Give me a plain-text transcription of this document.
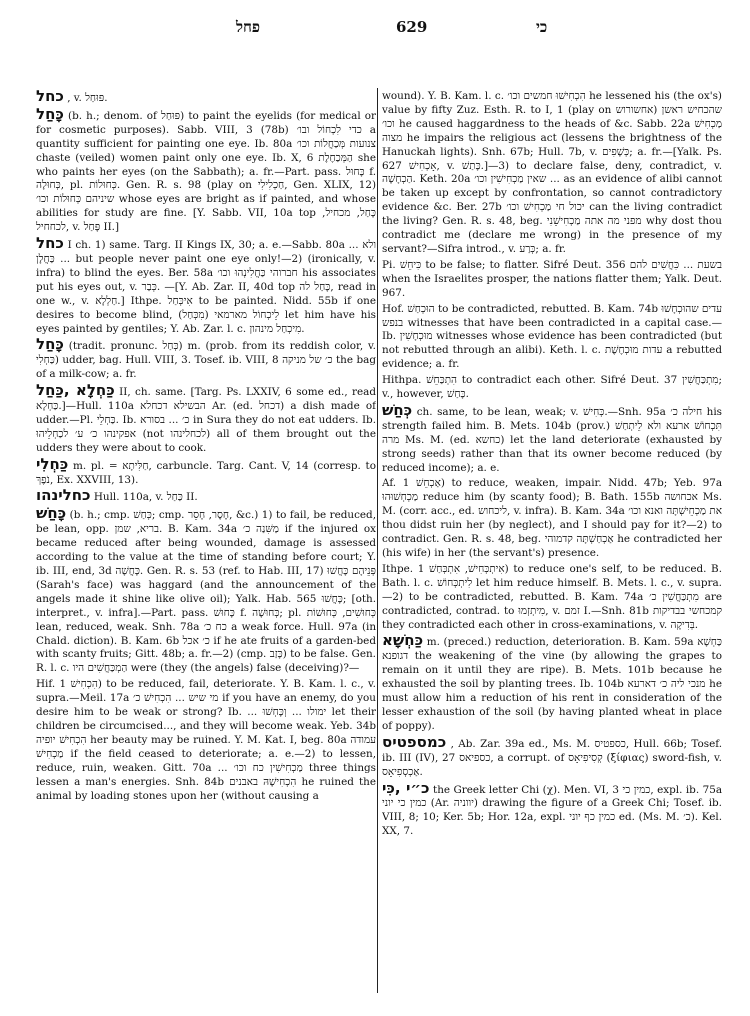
פחל	629	כי

כחל , v. פּוּחַל.

כָּחַל (b. h.; denom. of פּוּחַל) to paint the eyelids (for medical or for cosmetic purposes). Sabb. VIII, 3 (78b) כדי לִכְחוֹל ובו׳ a quantity sufficient for painting one eye. Ib. 80a צנועות מְּכַחֲלוֹת וכו׳ chaste (veiled) women paint only one eye. Ib. X, 6 הַמְּכַחֶלֶת she who paints her eyes (on the Sabbath); a. fr.—Part. pass. כָּחוּל f. כְּחוּלָה, pl. כְּחוּלוֹת. Gen. R. s. 98 (play on חַכְלִילִי, Gen. XLIX, 12) שיניהם כְּחוּלוֹת וכו׳ whose eyes are bright as if painted, and whose abilities for study are fine. [Y. Sabb. VII, 10a top כָּחַל, מכחיל, לכחחיל, v. פָּחַל II.]

כחל I ch. 1) same. Targ. II Kings IX, 30; a. e.—Sabb. 80a ... ולא כַּחֲלָן ... but people never paint one eye only!—2) (ironically, v. infra) to blind the eyes. Ber. 58a חברוהי כַּחֲלִינְהוּ וכו׳ his associates put his eyes out, v. כְּבַר. —[Y. Ab. Zar. II, 40d top כָּחַל לה, read in one w., v. חַלְלָא.] Ithpe. אִיכְּחַל to be painted. Nidd. 55b if one desires to become blind, (מִכְּחַל) לֵיכְחוֹל מארמאי let him have his eyes painted by gentiles; Y. Ab. Zar. l. c. מִיכְחַל מינהון.

כָּחַל (tradit. pronunc. כְּחַל) m. (prob. from its reddish color, v. כַּחְלִי) udder, bag. Hull. VIII, 3. Tosef. ib. VIII, 8 כ׳ של מניקה the bag of a milk-cow; a. fr.

כַּחְלָא ,כַּחַל II, ch. same. [Targ. Ps. LXXIV, 6 some ed., read כַּחְלָא.]—Hull. 110a הבשילא דכחלא Ar. (ed. דכחל) a dish made of udder.—Pl. כַּחְלֵי. Ib. כ׳ ... בסורא in Sura they do not eat udders. Ib. אפקינהו כ׳ ע׳ לכַחְלֵיהוּ (not לכחלינהו) all of them brought out the udders they were about to cook.

כַּחְלִי m. pl. = חַלִּיתָא, carbuncle. Targ. Cant. V, 14 (corresp. to נֹפֶךְ, Ex. XXVIII, 13).

כחלינהו Hull. 110a, v. כַּחַל II.

כָּחַשׁ (b. h.; cmp. כְּחַשׁ; cmp. חֶסֶר, חָסֵר, &c.) 1) to fail, be reduced, be lean, opp. בריא, שמן. B. Kam. 34a מַשִּׁנַה כ׳ if the injured ox became reduced after being wounded, damage is assessed according to the value at the time of standing before court; Y. ib. III, end, 3d כָּחֲשָׁה. Gen. R. s. 53 (ref. to Hab. III, 17) פְּנֵיהָם כָּחֲשׁוּ (Sarah's face) was haggard (and the announcement of the angels made it shine like olive oil); Yalk. Hab. 565 כָּחֲשׁוּ; [oth. interpret., v. infra].—Part. pass. כָּחוּשׁ f. כְּחוּשָׁה; pl. כְּחוּשִׁים, כְּחוּשׁוֹת lean, reduced, weak. Snh. 78a כח כ׳ a weak force. Hull. 97a (in Chald. diction). B. Kam. 6b כ׳ אכל if he ate fruits of a garden-bed with scanty fruits; Gitt. 48b; a. fr.—2) (cmp. כָּזַב) to be false. Gen. R. l. c. הַמְכַּחֲשִׁים היו were (they (the angels) false (deceiving)?—

Hif. הִכְחִישׁ 1) to be reduced, fail, deteriorate. Y. B. Kam. l. c., v. supra.—Meil. 17a מי שיש ... הִכְחִישׁ כ׳ if you have an enemy, do you desire him to be weak or strong? Ib. ... ימולו ... וְכָּחְשׁוּ let their children be circumcised..., and they will become weak. Yeb. 34b הִכְחִישׁ יופיה her beauty may be ruined. Y. M. Kat. I, beg. 80a עמודה מַכְחִישׁ if the field ceased to deteriorate; a. e.—2) to lessen, reduce, ruin, weaken. Gitt. 70a ... מַכְחִישִׁין כח וכו׳ three things lessen a man's energies. Snh. 84b הִכְחִישָׁהּ באבנים he ruined the animal by loading stones upon her (without causing a

wound). Y. B. Kam. l. c. הִכְחִישׁוּ חמשים וכו׳ he lessened his (the ox's) value by fifty Zuz. Esth. R. to I, 1 (play on אחשורוש) שהכחיש ראשן וכו׳ he caused haggardness to the heads of &c. Sabb. 22a מַכְחִישׁ מצוה he impairs the religious act (lessens the brightness of the Hanuckah lights). Snh. 67b; Hull. 7b, v. כְּשָׁפִים; a. fr.—[Yalk. Ps. 627 אָכְחִישׁ, v. כָּתַשׁ.]—3) to declare false, deny, contradict, v. הַכְחָשָׁה. Keth. 20a שאין מַכְחִישִׁין וכו׳ ... as an evidence of alibi cannot be taken up except by confrontation, so cannot contradictory evidence &c. Ber. 27b יכול חי מַכְחִישׁ וכו׳ can the living contradict the living? Gen. R. s. 48, beg. מפני מה אתה מַכְחִישֵׁנִי why dost thou contradict me (declare me wrong) in the presence of my servant?—Sifra introd., v. כְּרַע; a. fr.

Pi. כִּיחֵשׁ to be false; to flatter. Sifré Deut. 356 בשעת ... כִּחֲשִׁים להם when the Israelites prosper, the nations flatter them; Yalk. Deut. 967.

Hof. הוּכְחַשׁ to be contradicted, rebutted. B. Kam. 74b עדים שהוּכְחָשׁוּ בנפש witnesses that have been contradicted in a capital case.—Ib. מוּכְחָשִׁין witnesses whose evidence has been contradicted (but not rebutted through an alibi). Keth. l. c. עדות מוּכְחֶשֶׁת a rebutted evidence; a. fr.

Hithpa. הִתְכַּחֵשׁ to contradict each other. Sifré Deut. 37 מִתְכַּחֲשִׁין; v., however, כָּחַשׁ.

כְּחַשׁ ch. same, to be lean, weak; v. כְּחִישׁ.—Snh. 95a חילה כ׳ his strength failed him. B. Mets. 104b (prov.) תִּכְחוֹשׁ ארעא ולא לֵיתְחַשׁ מרה Ms. M. (ed. כחשא) let the land deteriorate (exhausted by strong seeds) rather than that its owner become reduced (by reduced income); a. e.

Af. אַכְחֵשׁ 1) to reduce, weaken, impair. Nidd. 47b; Yeb. 97a מַכְחְשׁוּהוּ reduce him (by scanty food); B. Bath. 155b אכחושה Ms. M. (corr. acc., ed. ליכחוש, v. infra). B. Kam. 34a את מַכְחֵישְׁתָּה ואנא וכו׳ thou didst ruin her (by neglect), and I should pay for it?—2) to contradict. Gen. R. s. 48, beg. אַכְחַשְׁתָּה קדמוהי he contradicted her (his wife) in her (the servant's) presence.

Ithpe. אִיתְכְּחִישׁ, אִתְכְּחַשׁ 1) to reduce one's self, to be reduced. B. Bath. l. c. לִיתְכְּחוֹשׁ let him reduce himself. B. Mets. l. c., v. supra.—2) to be contradicted, rebutted. B. Kam. 74a מִתְכַּחֲשִׁין כ׳ are contradicted, contrad. to מִיתְזְמוּ, v. זמם I.—Snh. 81b קמכחשי בבדיקות they contradicted each other in cross-examinations, v. בְּדִיקָה.

כַּחְשָׁא m. (preced.) reduction, deterioration. B. Kam. 59a כַּחְשָׁא דגופנא the weakening of the vine (by allowing the grapes to remain on it until they are ripe). B. Mets. 101b because he exhausted the soil by planting trees. Ib. 104b מנכי ליה כ׳ דארעא he must allow him a reduction of his rent in consideration of the lesser exhaustion of the soil (by having planted wheat in place of poppy).

כמספטיס , Ab. Zar. 39a ed., Ms. M. כספטיס, Hull. 66b; Tosef. ib. III (IV), 27 כספיאס, a corrupt. of קְסִיפִיאָס (ξίφιας) sword-fish, v. אַכְסְפִיאָס.

כ״י ,כִּי the Greek letter Chi (χ). Men. VI, 3 כמין כי, expl. ib. 75a כמין כי יוני (Ar. יווניה) drawing the figure of a Greek Chi; Tosef. ib. VIII, 8; 10; Ker. 5b; Hor. 12a, expl. כמין כף יוני ed. (Ms. M. כ׳). Kel. XX, 7.
